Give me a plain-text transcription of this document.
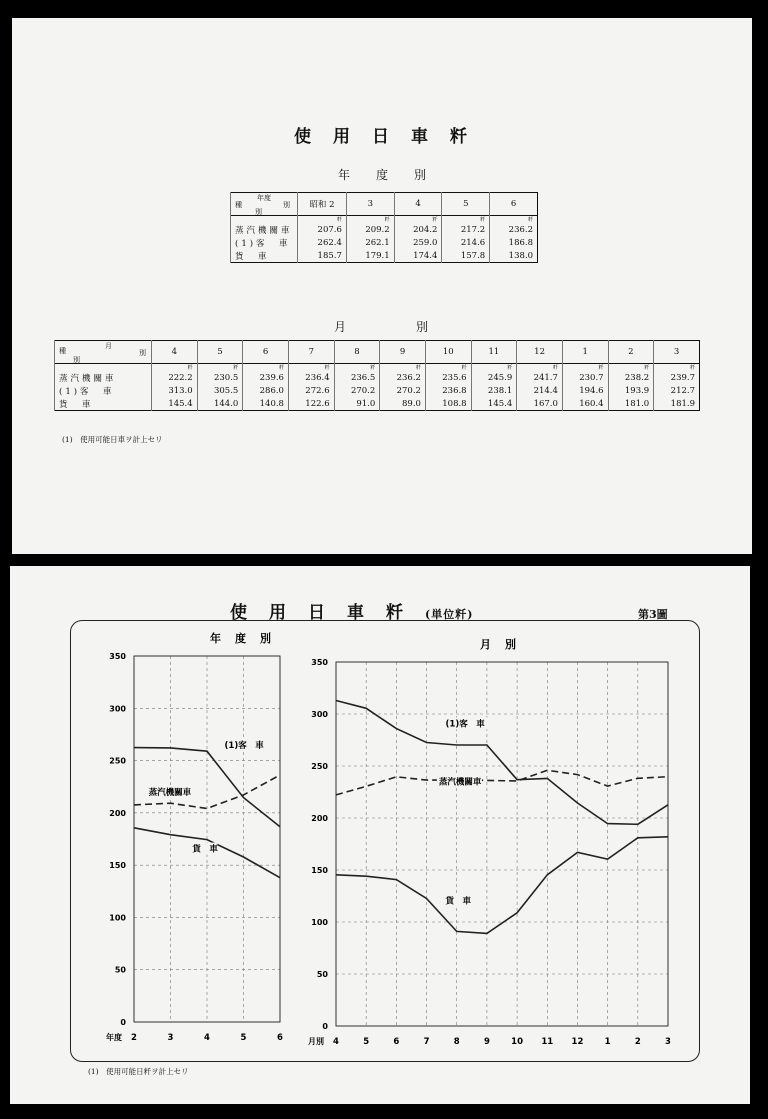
使用日車粁
年度別
年度
種 別
別	昭和 2	3	4	5	6
	粁	粁	粁	粁	粁
蒸汽機關車	207.6	209.2	204.2	217.2	236.2
(1)客　車	262.4	262.1	259.0	214.6	186.8
貨　車	185.7	179.1	174.4	157.8	138.0
月別
月
種 別
別	4	5	6	7	8	9	10	11	12	1	2	3
	粁	粁	粁	粁	粁	粁	粁	粁	粁	粁	粁	粁
蒸汽機關車	222.2	230.5	239.6	236.4	236.5	236.2	235.6	245.9	241.7	230.7	238.2	239.7
(1)客　車	313.0	305.5	286.0	272.6	270.2	270.2	236.8	238.1	214.4	194.6	193.9	212.7
貨　車	145.4	144.0	140.8	122.6	91.0	89.0	108.8	145.4	167.0	160.4	181.0	181.9
(1)　使用可能日車ヲ計上セリ
使用日車粁(単位粁)	第3圖
年度別
0
50
100
150
200
250
300
350
2	3	4	5	6
年度
(1)客　車
蒸汽機關車
貨　車
月別
0
50
100
150
200
250
300
350
4	5	6	7	8	9	10 11 12	1	2	3
月別
(1)客　車
蒸汽機關車
貨　車
(1)　使用可能日粁ヲ計上セリ
